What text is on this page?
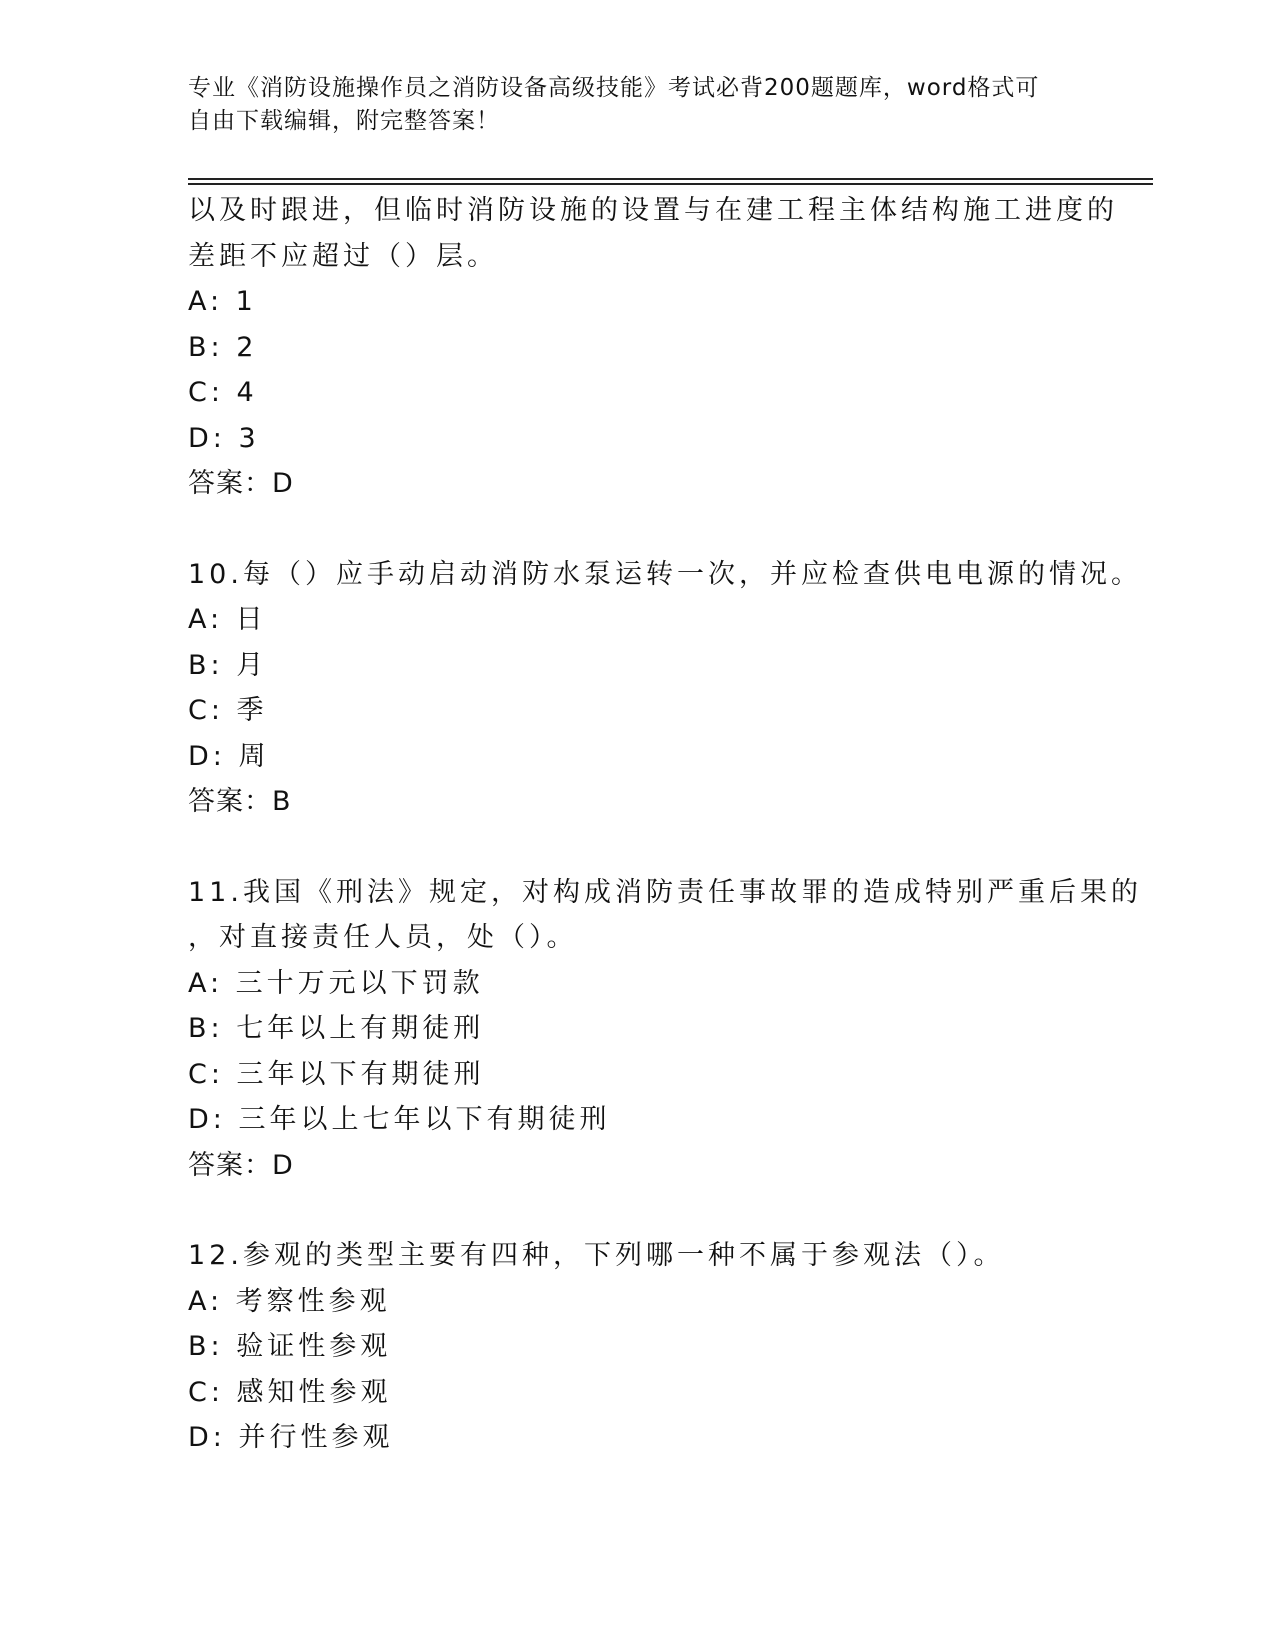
专业《消防设施操作员之消防设备高级技能》考试必背200题题库，word格式可
自由下载编辑，附完整答案！
以及时跟进，但临时消防设施的设置与在建工程主体结构施工进度的
差距不应超过（）层。
A: 1
B: 2
C: 4
D: 3
答案：D
10.每（）应手动启动消防水泵运转一次，并应检查供电电源的情况。
A: 日
B: 月
C: 季
D: 周
答案：B
11.我国《刑法》规定，对构成消防责任事故罪的造成特别严重后果的
，对直接责任人员，处（）。
A: 三十万元以下罚款
B: 七年以上有期徒刑
C: 三年以下有期徒刑
D: 三年以上七年以下有期徒刑
答案：D
12.参观的类型主要有四种，下列哪一种不属于参观法（）。
A: 考察性参观
B: 验证性参观
C: 感知性参观
D: 并行性参观
